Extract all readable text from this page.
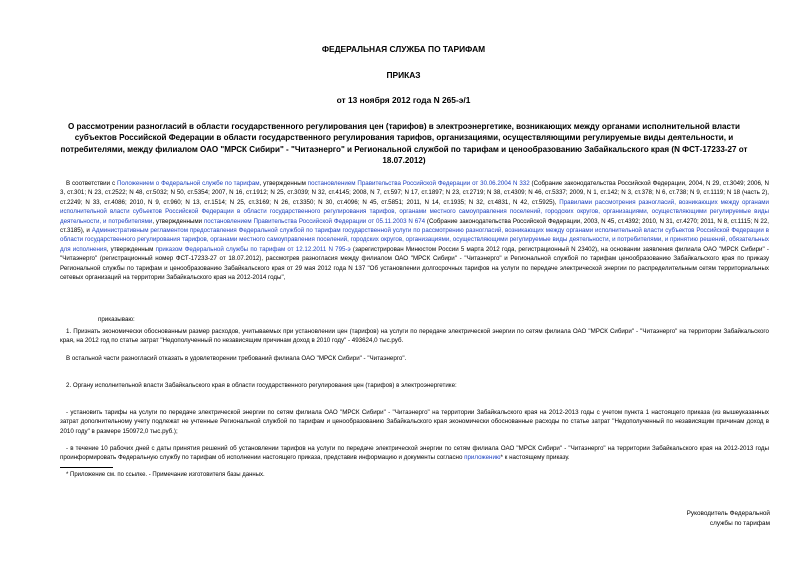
ФЕДЕРАЛЬНАЯ СЛУЖБА ПО ТАРИФАМ
ПРИКАЗ
от 13 ноября 2012 года N 265-э/1
О рассмотрении разногласий в области государственного регулирования цен (тарифов) в электроэнергетике, возникающих между органами исполнительной власти субъектов Российской Федерации в области государственного регулирования тарифов, организациями, осуществляющими регулируемые виды деятельности, и потребителями, между филиалом ОАО "МРСК Сибири" - "Читаэнерго" и Региональной службой по тарифам и ценообразованию Забайкальского края (N ФСТ-17233-27 от 18.07.2012)
В соответствии с Положением о Федеральной службе по тарифам, утвержденным постановлением Правительства Российской Федерации от 30.06.2004 N 332 (Собрание законодательства Российской Федерации, 2004, N 29, ст.3049; 2006, N 3, ст.301; N 23, ст.2522; N 48, ст.5032; N 50, ст.5354; 2007, N 16, ст.1912; N 25, ст.3039; N 32, ст.4145; 2008, N 7, ст.597; N 17, ст.1897; N 23, ст.2719; N 38, ст.4309; N 46, ст.5337; 2009, N 1, ст.142; N 3, ст.378; N 6, ст.738; N 9, ст.1119; N 18 (часть 2), ст.2249; N 33, ст.4086; 2010, N 9, ст.960; N 13, ст.1514; N 25, ст.3169; N 26, ст.3350; N 30, ст.4096; N 45, ст.5851; 2011, N 14, ст.1935; N 32, ст.4831, N 42, ст.5925), Правилами рассмотрения разногласий, возникающих между органами исполнительной власти субъектов Российской Федерации в области государственного регулирования тарифов, органами местного самоуправления поселений, городских округов, организациями, осуществляющими регулируемые виды деятельности, и потребителями, утвержденными постановлением Правительства Российской Федерации от 05.11.2003 N 674 (Собрание законодательства Российской Федерации, 2003, N 45, ст.4392; 2010, N 31, ст.4270; 2011, N 8, ст.1115; N 22, ст.3185), и Административным регламентом предоставления Федеральной службой по тарифам государственной услуги по рассмотрению разногласий, возникающих между органами исполнительной власти субъектов Российской Федерации в области государственного регулирования тарифов, органами местного самоуправления поселений, городских округов, организациями, осуществляющими регулируемые виды деятельности, и потребителями, и принятию решений, обязательных для исполнения, утвержденным приказом Федеральной службы по тарифам от 12.12.2011 N 795-э (зарегистрирован Минюстом России 5 марта 2012 года, регистрационный N 23402), на основании заявления филиала ОАО "МРСК Сибири" - "Читаэнерго" (регистрационный номер ФСТ-17233-27 от 18.07.2012), рассмотрев разногласия между филиалом ОАО "МРСК Сибири" - "Читаэнерго" и Региональной службой по тарифам ценообразованию Забайкальского края по приказу Региональной службы по тарифам и ценообразованию Забайкальского края от 29 мая 2012 года N 137 "Об установлении долгосрочных тарифов на услуги по передаче электрической энергии по распределительным сетям территориальных сетевых организаций на территории Забайкальского края на 2012-2014 годы",
приказываю:
1. Признать экономически обоснованным размер расходов, учитываемых при установлении цен (тарифов) на услуги по передаче электрической энергии по сетям филиала ОАО "МРСК Сибири" - "Читаэнерго" на территории Забайкальского края, на 2012 год по статье затрат "Недополученный по независящим причинам доход в 2010 году" - 493624,0 тыс.руб.
В остальной части разногласий отказать в удовлетворении требований филиала ОАО "МРСК Сибири" - "Читаэнерго".
2. Органу исполнительной власти Забайкальского края в области государственного регулирования цен (тарифов) в электроэнергетике:
- установить тарифы на услуги по передаче электрической энергии по сетям филиала ОАО "МРСК Сибири" - "Читаэнерго" на территории Забайкальского края на 2012-2013 годы с учетом пункта 1 настоящего приказа (из вышеуказанных затрат дополнительному учету подлежат не учтенные Региональной службой по тарифам и ценообразованию Забайкальского края экономически обоснованные расходы по статье затрат "Недополученный по независящим причинам доход в 2010 году" в размере 150972,0 тыс.руб.);
- в течение 10 рабочих дней с даты принятия решений об установлении тарифов на услуги по передаче электрической энергии по сетям филиала ОАО "МРСК Сибири" - "Читаэнерго" на территории Забайкальского края на 2012-2013 годы проинформировать Федеральную службу по тарифам об исполнении настоящего приказа, представив информацию и документы согласно приложению* к настоящему приказу.
* Приложение см. по ссылке. - Примечание изготовителя базы данных.
Руководитель Федеральной
службы по тарифам
